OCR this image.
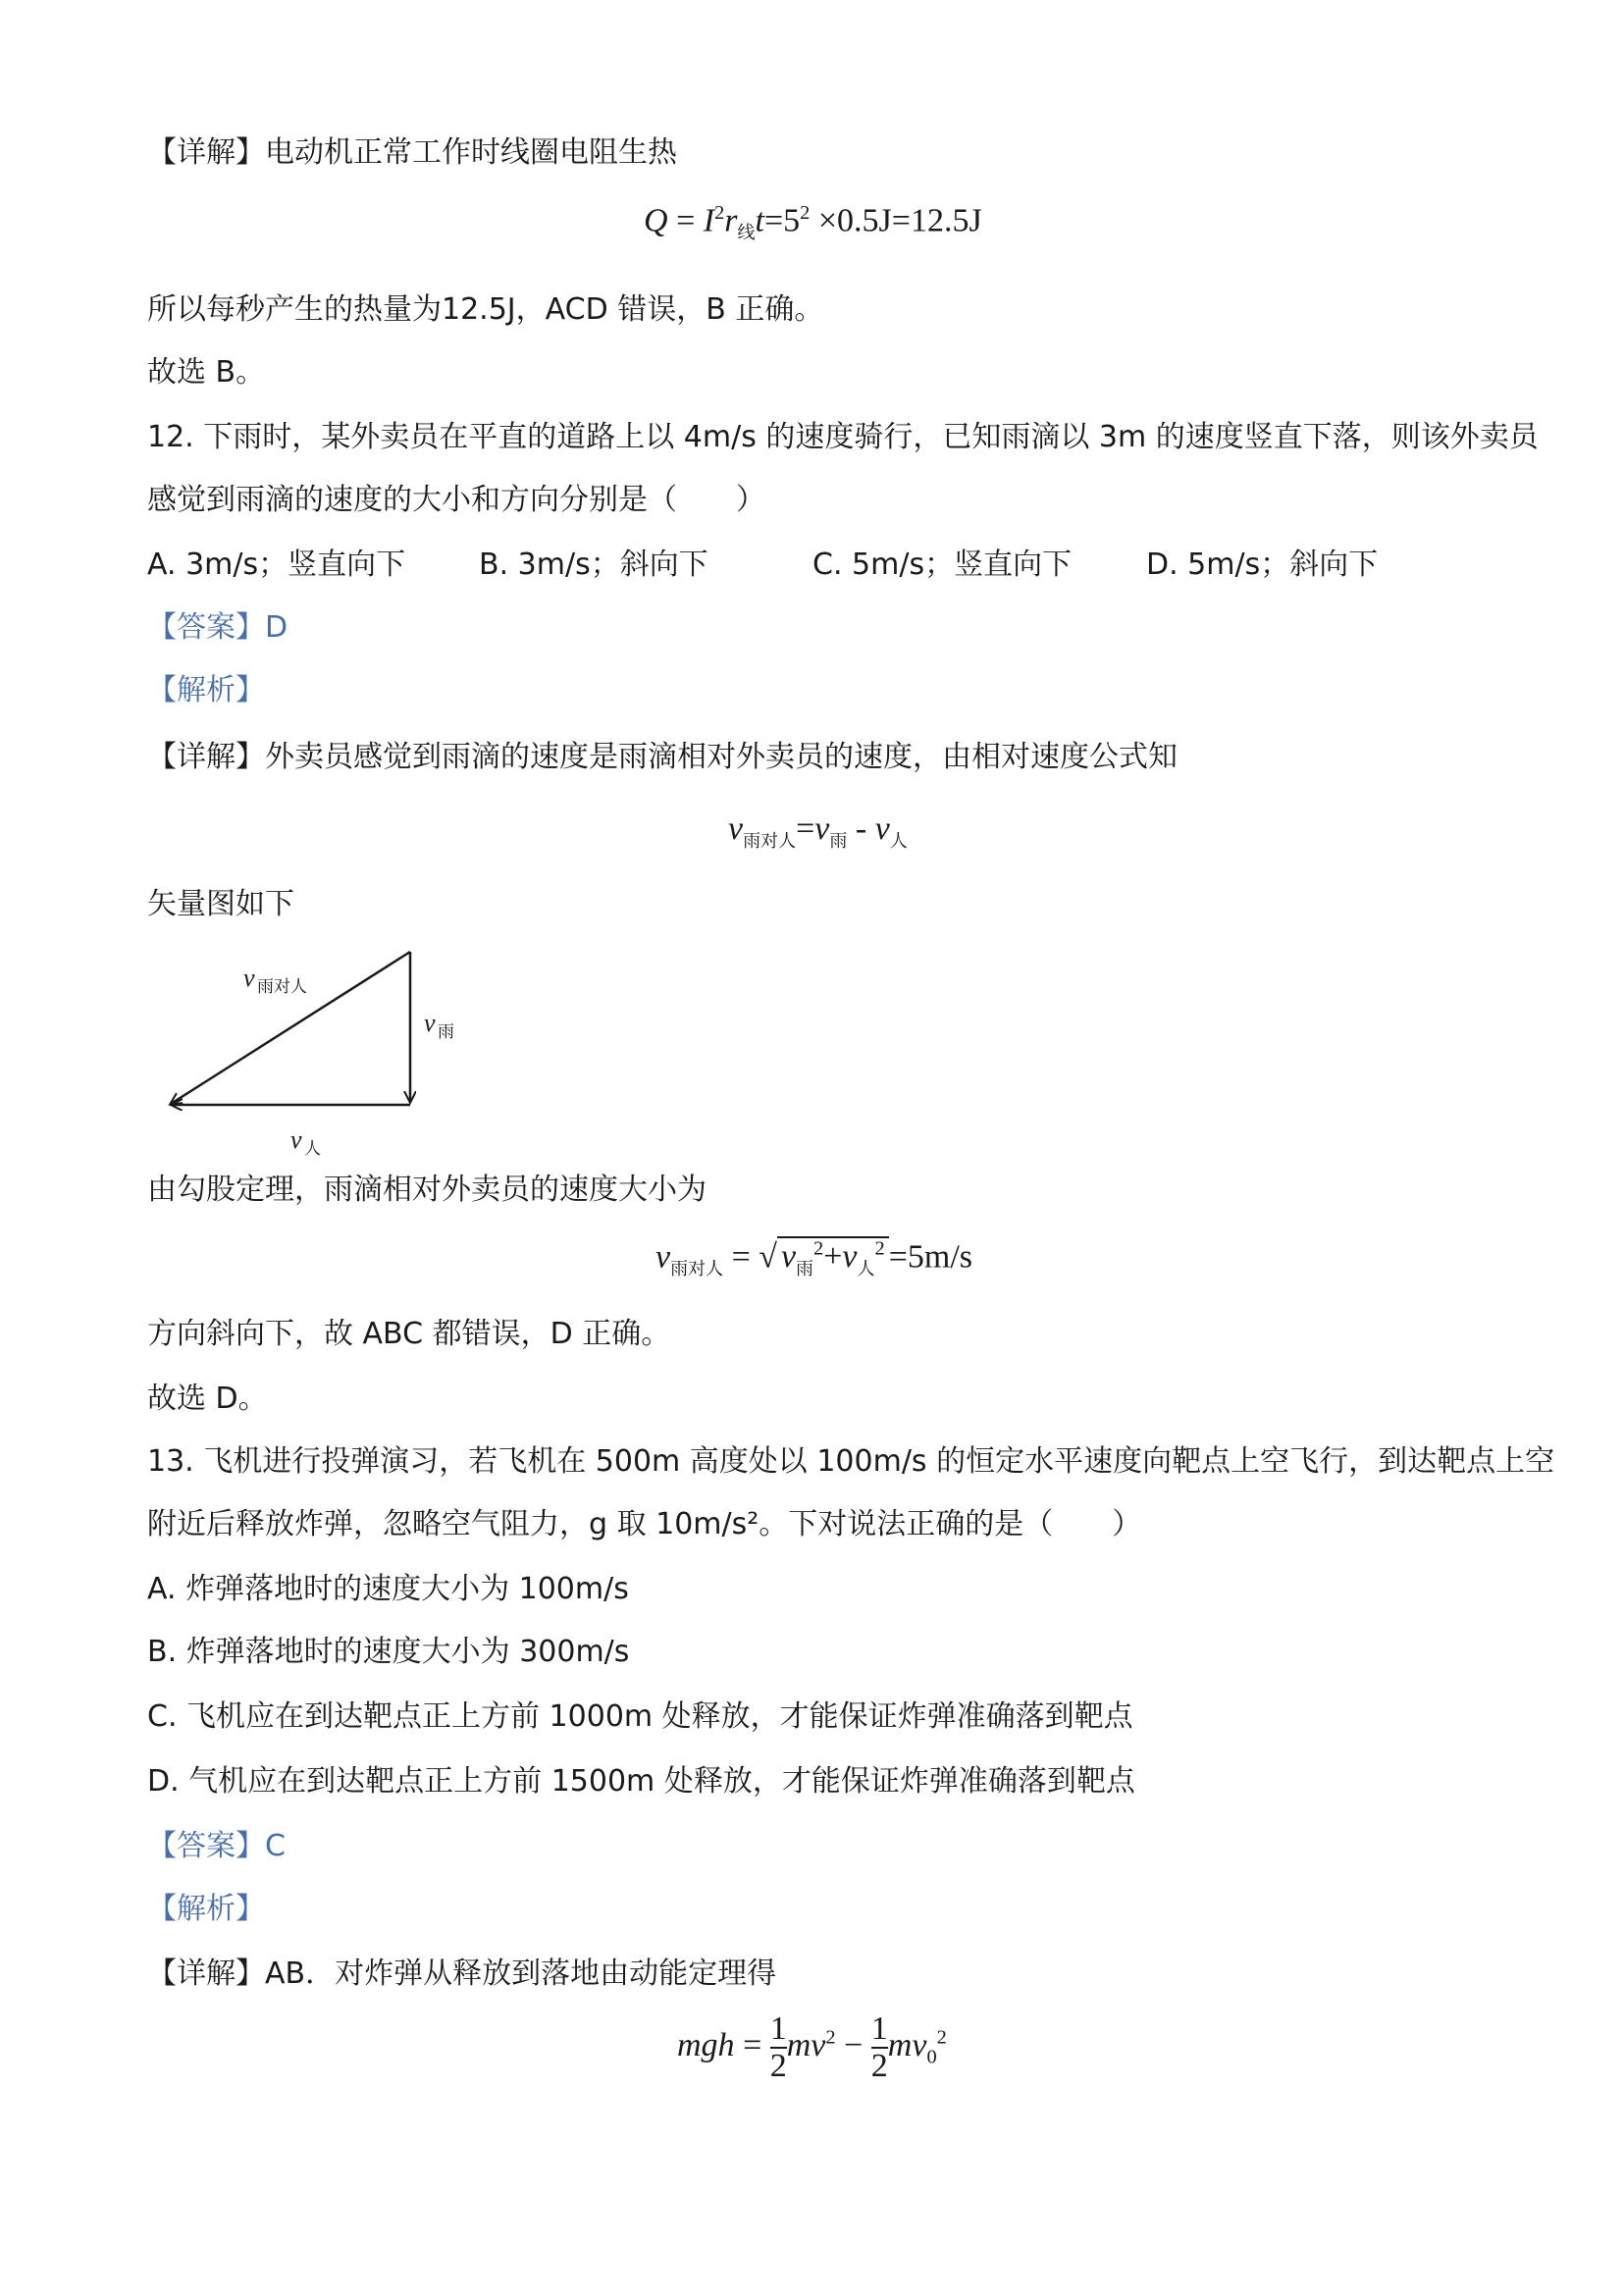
【详解】电动机正常工作时线圈电阻生热
$Q = I^2r_线t=5^2 \times 0.5J=12.5J$
所以每秒产生的热量为12.5J，ACD 错误，B 正确。
故选 B。
12. 下雨时，某外卖员在平直的道路上以 4m/s 的速度骑行，已知雨滴以 3m 的速度竖直下落，则该外卖员
感觉到雨滴的速度的大小和方向分别是（　　）
A. 3m/s；竖直向下 B. 3m/s；斜向下	C. 5m/s；竖直向下	D. 5m/s；斜向下
【答案】D
【解析】
【详解】外卖员感觉到雨滴的速度是雨滴相对外卖员的速度，由相对速度公式知
$v_{雨对人}=v_雨 - v_人$
矢量图如下
v 雨对人
v 雨
v 人
由勾股定理，雨滴相对外卖员的速度大小为
$v_{雨对人}$ = √ $v_雨^2+v_人^2 =5m/s$
方向斜向下，故 ABC 都错误，D 正确。
故选 D。
13. 飞机进行投弹演习，若飞机在 500m 高度处以 100m/s 的恒定水平速度向靶点上空飞行，到达靶点上空
附近后释放炸弹，忽略空气阻力，g 取 10m/s²。下对说法正确的是（　　）
A. 炸弹落地时的速度大小为 100m/s
B. 炸弹落地时的速度大小为 300m/s
C. 飞机应在到达靶点正上方前 1000m 处释放，才能保证炸弹准确落到靶点
D. 气机应在到达靶点正上方前 1500m 处释放，才能保证炸弹准确落到靶点
【答案】C
【解析】
【详解】AB．对炸弹从释放到落地由动能定理得
mgh = $\frac{1}{2} mv^2 - \frac{1}{2} mv_0^2$
